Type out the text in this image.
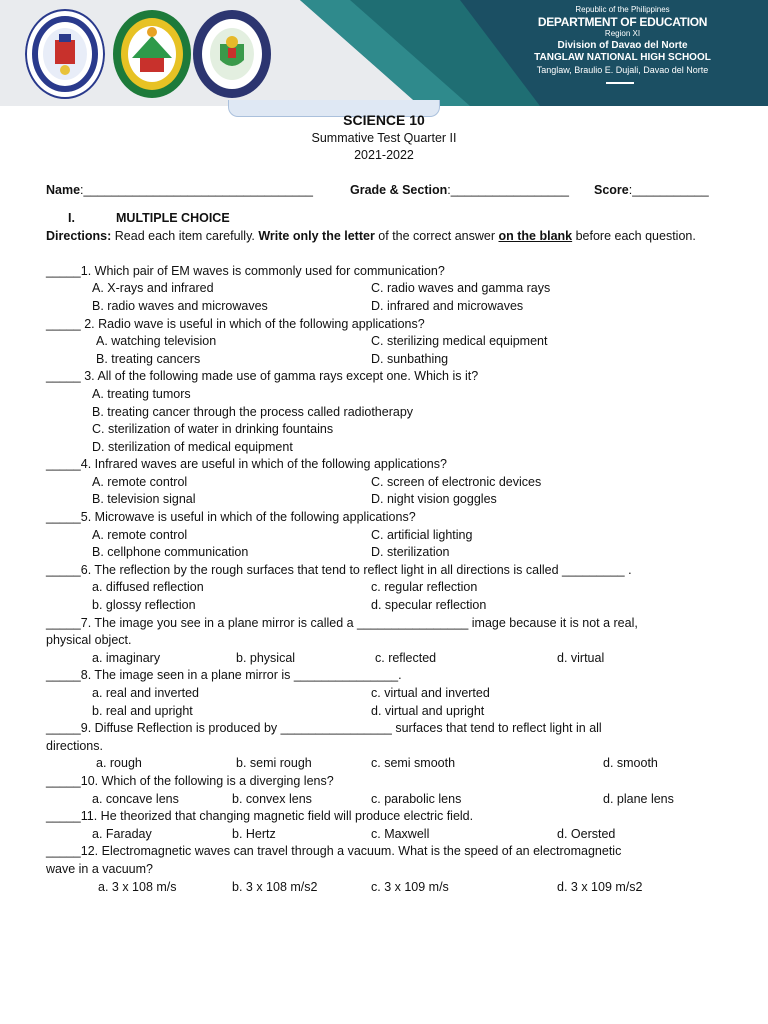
Republic of the Philippines
DEPARTMENT OF EDUCATION
Region XI
Division of Davao del Norte
TANGLAW NATIONAL HIGH SCHOOL
Tanglaw, Braulio E. Dujali, Davao del Norte
SCIENCE 10
Summative Test Quarter II
2021-2022
Name:_________________________________	Grade & Section:_________________ Score:___________
I.	MULTIPLE CHOICE
Directions: Read each item carefully. Write only the letter of the correct answer on the blank before each question.
_____1. Which pair of EM waves is commonly used for communication?
A. X-rays and infrared	C. radio waves and gamma rays
B. radio waves and microwaves	D. infrared and microwaves
_____ 2. Radio wave is useful in which of the following applications?
A. watching television	C. sterilizing medical equipment
B. treating cancers	D. sunbathing
_____ 3. All of the following made use of gamma rays except one. Which is it?
A. treating tumors
B. treating cancer through the process called radiotherapy
C. sterilization of water in drinking fountains
D. sterilization of medical equipment
_____4. Infrared waves are useful in which of the following applications?
A. remote control	C. screen of electronic devices
B. television signal	D. night vision goggles
_____5. Microwave is useful in which of the following applications?
A. remote control	C. artificial lighting
B. cellphone communication	D. sterilization
_____6. The reflection by the rough surfaces that tend to reflect light in all directions is called _________ .
a. diffused reflection	c. regular reflection
b. glossy reflection	d. specular reflection
_____7. The image you see in a plane mirror is called a ________________ image because it is not a real,
physical object.
a. imaginary	b. physical	c. reflected	d. virtual
_____8. The image seen in a plane mirror is _______________.
a. real and inverted	c. virtual and inverted
b. real and upright	d. virtual and upright
_____9. Diffuse Reflection is produced by ________________ surfaces that tend to reflect light in all
directions.
a. rough	b. semi rough	c. semi smooth	d. smooth
_____10. Which of the following is a diverging lens?
a. concave lens	b. convex lens	c. parabolic lens	d. plane lens
_____11. He theorized that changing magnetic field will produce electric field.
a. Faraday	b. Hertz	c. Maxwell	d. Oersted
_____12. Electromagnetic waves can travel through a vacuum. What is the speed of an electromagnetic
wave in a vacuum?
a. 3 x 108 m/s	b. 3 x 108 m/s2	c. 3 x 109 m/s	d. 3 x 109 m/s2
